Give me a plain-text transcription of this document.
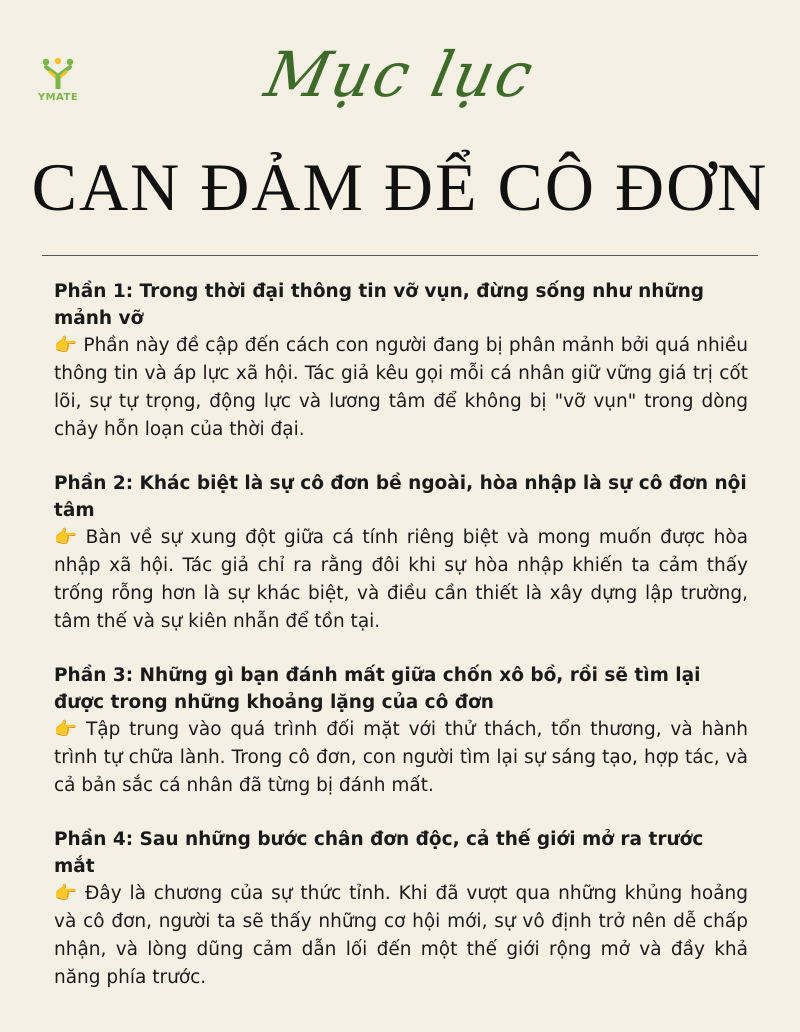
YMATE	Mục lục
CAN ĐẢM ĐỂ CÔ ĐƠN

Phần 1: Trong thời đại thông tin vỡ vụn, đừng sống như những mảnh vỡ

👉 Phần này đề cập đến cách con người đang bị phân mảnh bởi quá nhiều thông tin và áp lực xã hội. Tác giả kêu gọi mỗi cá nhân giữ vững giá trị cốt lõi, sự tự trọng, động lực và lương tâm để không bị "vỡ vụn" trong dòng chảy hỗn loạn của thời đại.

Phần 2: Khác biệt là sự cô đơn bề ngoài, hòa nhập là sự cô đơn nội tâm

👉 Bàn về sự xung đột giữa cá tính riêng biệt và mong muốn được hòa nhập xã hội. Tác giả chỉ ra rằng đôi khi sự hòa nhập khiến ta cảm thấy trống rỗng hơn là sự khác biệt, và điều cần thiết là xây dựng lập trường, tâm thế và sự kiên nhẫn để tồn tại.

Phần 3: Những gì bạn đánh mất giữa chốn xô bồ, rồi sẽ tìm lại được trong những khoảng lặng của cô đơn

👉 Tập trung vào quá trình đối mặt với thử thách, tổn thương, và hành trình tự chữa lành. Trong cô đơn, con người tìm lại sự sáng tạo, hợp tác, và cả bản sắc cá nhân đã từng bị đánh mất.

Phần 4: Sau những bước chân đơn độc, cả thế giới mở ra trước mắt

👉 Đây là chương của sự thức tỉnh. Khi đã vượt qua những khủng hoảng và cô đơn, người ta sẽ thấy những cơ hội mới, sự vô định trở nên dễ chấp nhận, và lòng dũng cảm dẫn lối đến một thế giới rộng mở và đầy khả năng phía trước.
